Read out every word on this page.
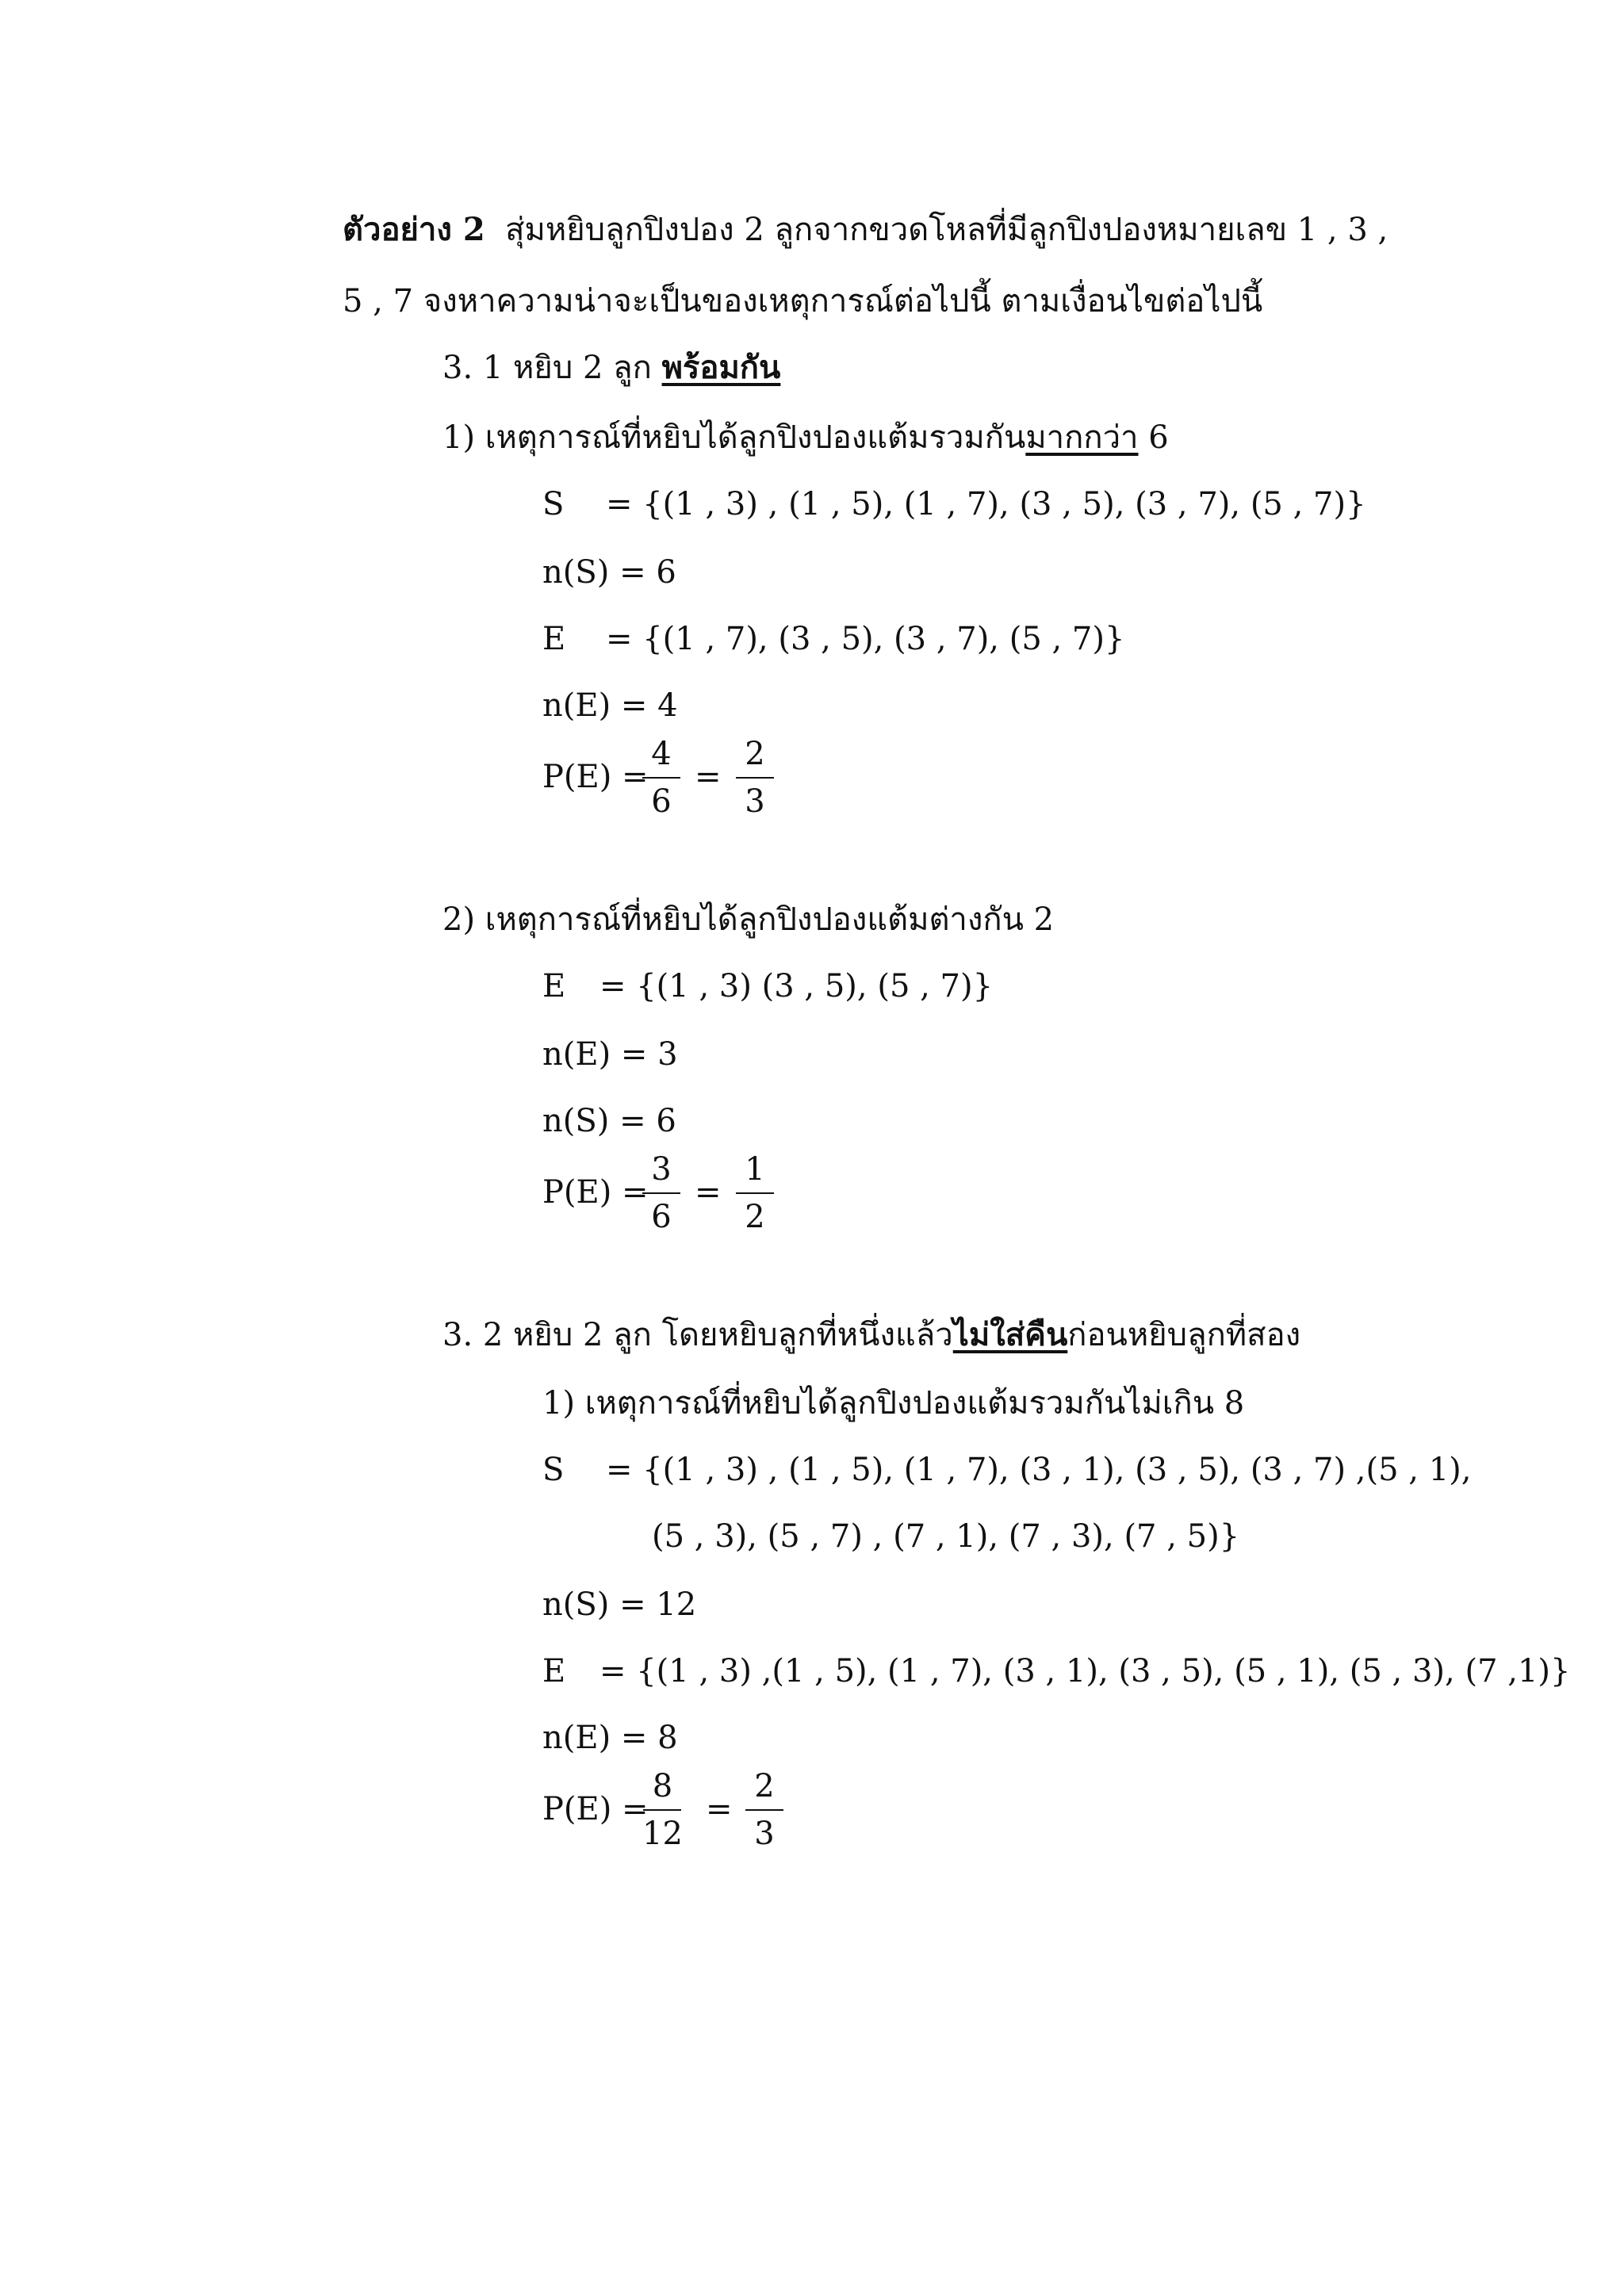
ตัวอย่าง 2 สุ่มหยิบลูกปิงปอง 2 ลูกจากขวดโหลที่มีลูกปิงปองหมายเลข 1 , 3 ,
5 , 7 จงหาความน่าจะเป็นของเหตุการณ์ต่อไปนี้ ตามเงื่อนไขต่อไปนี้
3. 1 หยิบ 2 ลูก พร้อมกัน
1) เหตุการณ์ที่หยิบได้ลูกปิงปองแต้มรวมกันมากกว่า 6
S = {(1 , 3) , (1 , 5), (1 , 7), (3 , 5), (3 , 7), (5 , 7)}
n(S) = 6
E = {(1 , 7), (3 , 5), (3 , 7), (5 , 7)}
n(E) = 4
P(E) =
$\frac{4}{6} = \frac{2}{3}$
2) เหตุการณ์ที่หยิบได้ลูกปิงปองแต้มต่างกัน 2
E = {(1 , 3) (3 , 5), (5 , 7)}
n(E) = 3
n(S) = 6
P(E) =
$\frac{3}{6} = \frac{1}{2}$
3. 2 หยิบ 2 ลูก โดยหยิบลูกที่หนึ่งแล้วไม่ใส่คืนก่อนหยิบลูกที่สอง
1) เหตุการณ์ที่หยิบได้ลูกปิงปองแต้มรวมกันไม่เกิน 8
S = {(1 , 3) , (1 , 5), (1 , 7), (3 , 1), (3 , 5), (3 , 7) ,(5 , 1),
(5 , 3), (5 , 7) , (7 , 1), (7 , 3), (7 , 5)}
n(S) = 12
E = {(1 , 3) ,(1 , 5), (1 , 7), (3 , 1), (3 , 5), (5 , 1), (5 , 3), (7 ,1)}
n(E) = 8
P(E) =
$\frac{8}{12} = \frac{2}{3}$
